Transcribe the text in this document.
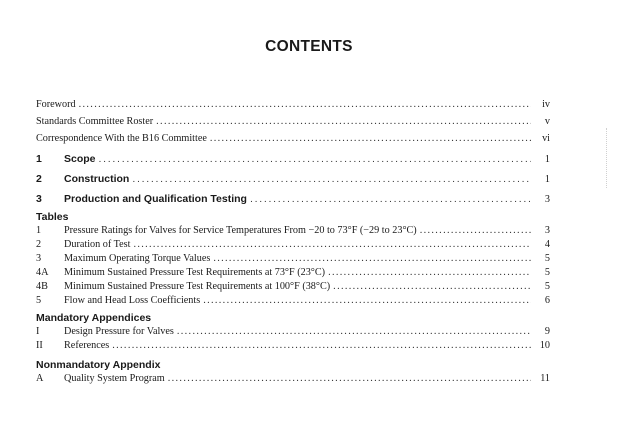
CONTENTS
Foreword . . .	iv
Standards Committee Roster . . .	v
Correspondence With the B16 Committee . . .	vi
1	Scope . . .	1
2	Construction . . .	1
3	Production and Qualification Testing . . .	3
Tables
1	Pressure Ratings for Valves for Service Temperatures From −20 to 73°F (−29 to 23°C) . . .	3
2	Duration of Test . . .	4
3	Maximum Operating Torque Values . . .	5
4A	Minimum Sustained Pressure Test Requirements at 73°F (23°C) . . .	5
4B	Minimum Sustained Pressure Test Requirements at 100°F (38°C) . . .	5
5	Flow and Head Loss Coefficients . . .	6
Mandatory Appendices
I	Design Pressure for Valves . . .	9
II	References . . .	10
Nonmandatory Appendix
A	Quality System Program . . .	11
